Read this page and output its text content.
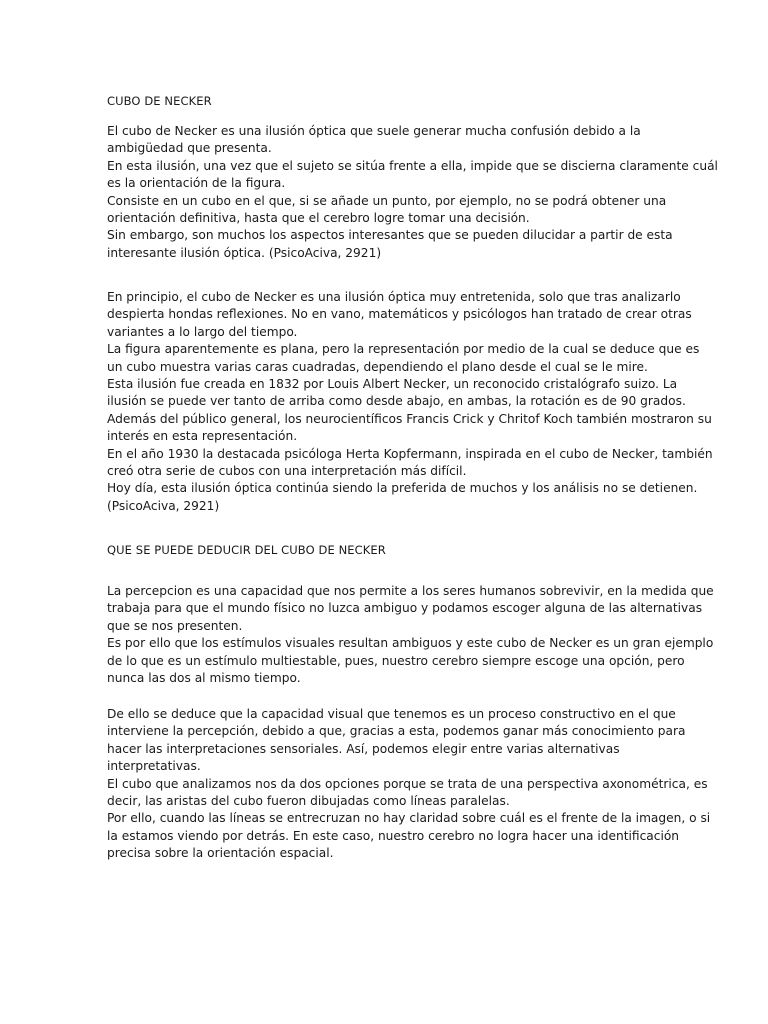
CUBO DE NECKER
El cubo de Necker es una ilusión óptica que suele generar mucha confusión debido a la
ambigüedad que presenta.
En esta ilusión, una vez que el sujeto se sitúa frente a ella, impide que se discierna claramente cuál
es la orientación de la figura.
Consiste en un cubo en el que, si se añade un punto, por ejemplo, no se podrá obtener una
orientación definitiva, hasta que el cerebro logre tomar una decisión.
Sin embargo, son muchos los aspectos interesantes que se pueden dilucidar a partir de esta
interesante ilusión óptica. (PsicoAciva, 2921)
En principio, el cubo de Necker es una ilusión óptica muy entretenida, solo que tras analizarlo
despierta hondas reflexiones. No en vano, matemáticos y psicólogos han tratado de crear otras
variantes a lo largo del tiempo.
La figura aparentemente es plana, pero la representación por medio de la cual se deduce que es
un cubo muestra varias caras cuadradas, dependiendo el plano desde el cual se le mire.
Esta ilusión fue creada en 1832 por Louis Albert Necker, un reconocido cristalógrafo suizo. La
ilusión se puede ver tanto de arriba como desde abajo, en ambas, la rotación es de 90 grados.
Además del público general, los neurocientíficos Francis Crick y Chritof Koch también mostraron su
interés en esta representación.
En el año 1930 la destacada psicóloga Herta Kopfermann, inspirada en el cubo de Necker, también
creó otra serie de cubos con una interpretación más difícil.
Hoy día, esta ilusión óptica continúa siendo la preferida de muchos y los análisis no se detienen.
(PsicoAciva, 2921)
QUE SE PUEDE DEDUCIR DEL CUBO DE NECKER
La percepcion es una capacidad que nos permite a los seres humanos sobrevivir, en la medida que
trabaja para que el mundo físico no luzca ambiguo y podamos escoger alguna de las alternativas
que se nos presenten.
Es por ello que los estímulos visuales resultan ambiguos y este cubo de Necker es un gran ejemplo
de lo que es un estímulo multiestable, pues, nuestro cerebro siempre escoge una opción, pero
nunca las dos al mismo tiempo.
De ello se deduce que la capacidad visual que tenemos es un proceso constructivo en el que
interviene la percepción, debido a que, gracias a esta, podemos ganar más conocimiento para
hacer las interpretaciones sensoriales. Así, podemos elegir entre varias alternativas
interpretativas.
El cubo que analizamos nos da dos opciones porque se trata de una perspectiva axonométrica, es
decir, las aristas del cubo fueron dibujadas como líneas paralelas.
Por ello, cuando las líneas se entrecruzan no hay claridad sobre cuál es el frente de la imagen, o si
la estamos viendo por detrás. En este caso, nuestro cerebro no logra hacer una identificación
precisa sobre la orientación espacial.
